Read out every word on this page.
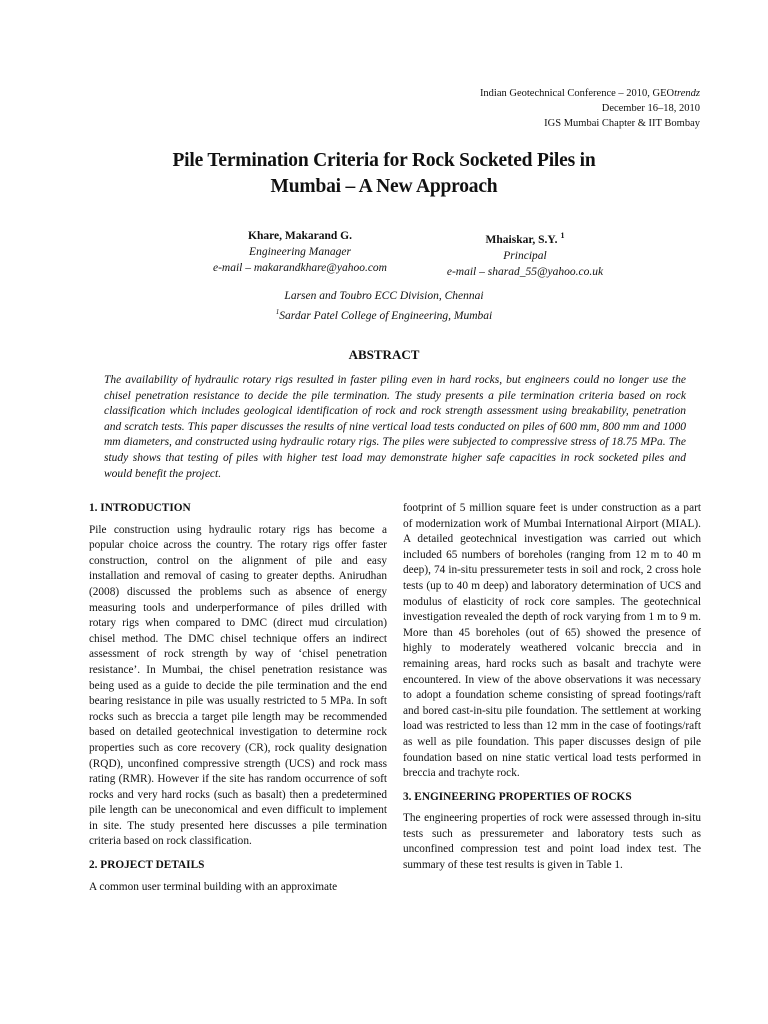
Indian Geotechnical Conference – 2010, GEOtrendz
December 16–18, 2010
IGS Mumbai Chapter & IIT Bombay
Pile Termination Criteria for Rock Socketed Piles in
Mumbai – A New Approach
Khare, Makarand G.
Engineering Manager
e-mail – makarandkhare@yahoo.com
Mhaiskar, S.Y. $^1$
Principal
e-mail – sharad_55@yahoo.co.uk
Larsen and Toubro ECC Division, Chennai
$^1$Sardar Patel College of Engineering, Mumbai
ABSTRACT
The availability of hydraulic rotary rigs resulted in faster piling even in hard rocks, but engineers could no longer use the chisel penetration resistance to decide the pile termination. The study presents a pile termination criteria based on rock classification which includes geological identification of rock and rock strength assessment using breakability, penetration and scratch tests. This paper discusses the results of nine vertical load tests conducted on piles of 600 mm, 800 mm and 1000 mm diameters, and constructed using hydraulic rotary rigs. The piles were subjected to compressive stress of 18.75 MPa. The study shows that testing of piles with higher test load may demonstrate higher safe capacities in rock socketed piles and would benefit the project.
1. INTRODUCTION

Pile construction using hydraulic rotary rigs has become a popular choice across the country. The rotary rigs offer faster construction, control on the alignment of pile and easy installation and removal of casing to greater depths. Anirudhan (2008) discussed the problems such as absence of energy measuring tools and underperformance of piles drilled with rotary rigs when compared to DMC (direct mud circulation) chisel method. The DMC chisel technique offers an indirect assessment of rock strength by way of ‘chisel penetration resistance’. In Mumbai, the chisel penetration resistance was being used as a guide to decide the pile termination and the end bearing resistance in pile was usually restricted to 5 MPa. In soft rocks such as breccia a target pile length may be recommended based on detailed geotechnical investigation to determine rock properties such as core recovery (CR), rock quality designation (RQD), unconfined compressive strength (UCS) and rock mass rating (RMR). However if the site has random occurrence of soft rocks and very hard rocks (such as basalt) then a predetermined pile length can be uneconomical and even difficult to implement in site. The study presented here discusses a pile termination criteria based on rock classification.

2. PROJECT DETAILS

A common user terminal building with an approximate

footprint of 5 million square feet is under construction as a part of modernization work of Mumbai International Airport (MIAL). A detailed geotechnical investigation was carried out which included 65 numbers of boreholes (ranging from 12 m to 40 m deep), 74 in-situ pressuremeter tests in soil and rock, 2 cross hole tests (up to 40 m deep) and laboratory determination of UCS and modulus of elasticity of rock core samples. The geotechnical investigation revealed the depth of rock varying from 1 m to 9 m. More than 45 boreholes (out of 65) showed the presence of highly to moderately weathered volcanic breccia and in remaining areas, hard rocks such as basalt and trachyte were encountered. In view of the above observations it was necessary to adopt a foundation scheme consisting of spread footings/raft and bored cast-in-situ pile foundation. The settlement at working load was restricted to less than 12 mm in the case of footings/raft as well as pile foundation. This paper discusses design of pile foundation based on nine static vertical load tests performed in breccia and trachyte rock.

3. ENGINEERING PROPERTIES OF ROCKS

The engineering properties of rock were assessed through in-situ tests such as pressuremeter and laboratory tests such as unconfined compression test and point load index test. The summary of these test results is given in Table 1.
